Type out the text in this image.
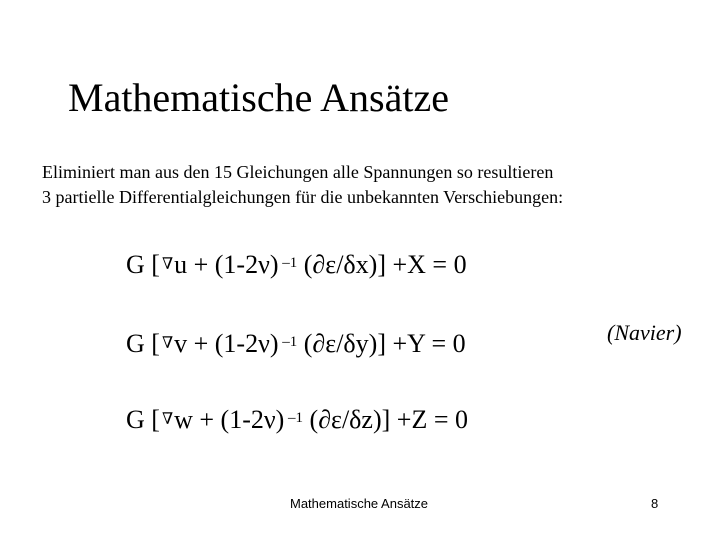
Mathematische Ansätze
Eliminiert man aus den 15 Gleichungen alle Spannungen so resultieren
3 partielle Differentialgleichungen für die unbekannten Verschiebungen:
G [ ∇u + (1-2ν) $^{-1}$ (∂ε/δx)] +X = 0
G [ ∇v + (1-2ν) $^{-1}$ (∂ε/δy)] +Y = 0
G [ ∇w + (1-2ν) $^{-1}$ (∂ε/δz)] +Z = 0
(Navier)
Mathematische Ansätze	8
